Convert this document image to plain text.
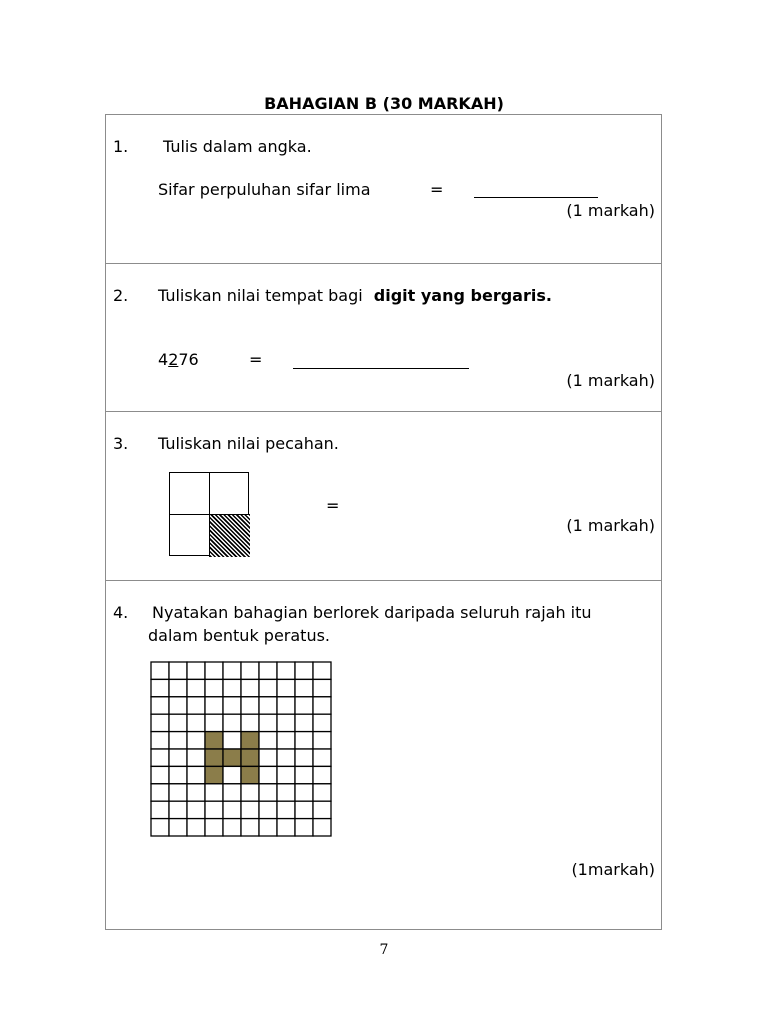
BAHAGIAN B (30 MARKAH)
1. Tulis dalam angka.
Sifar perpuluhan sifar lima	=
(1 markah)
2. Tuliskan nilai tempat bagi digit yang bergaris.
4276	=
(1 markah)
3. Tuliskan nilai pecahan.
=
(1 markah)
4. Nyatakan bahagian berlorek daripada seluruh rajah itu
dalam bentuk peratus.
(1markah)
7
